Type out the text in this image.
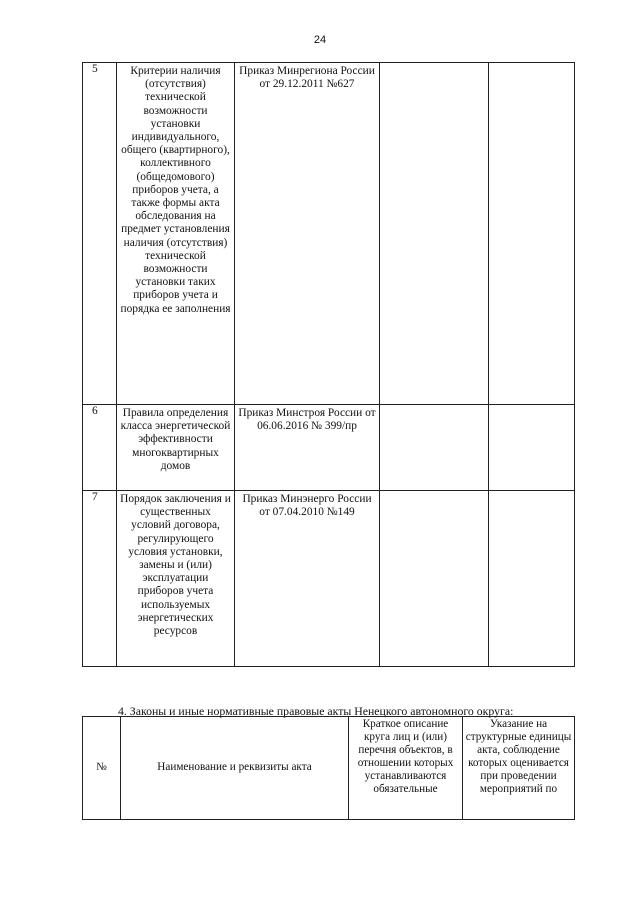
24
5	Критерии наличия (отсутствия) технической возможности установки индивидуального, общего (квартирного), коллективного (общедомового) приборов учета, а также формы акта обследования на предмет установления наличия (отсутствия) технической возможности установки таких приборов учета и порядка ее заполнения	Приказ Минрегиона России от 29.12.2011 №627		
6	Правила определения класса энергетической эффективности многоквартирных домов	Приказ Минстроя России от 06.06.2016 № 399/пр		
7	Порядок заключения и существенных условий договора, регулирующего условия установки, замены и (или) эксплуатации приборов учета используемых энергетических ресурсов	Приказ Минэнерго России от 07.04.2010 №149		
4. Законы и иные нормативные правовые акты Ненецкого автономного округа:
№	Наименование и реквизиты акта	Краткое описание круга лиц и (или) перечня объектов, в отношении которых устанавливаются обязательные	Указание на структурные единицы акта, соблюдение которых оценивается при проведении мероприятий по
